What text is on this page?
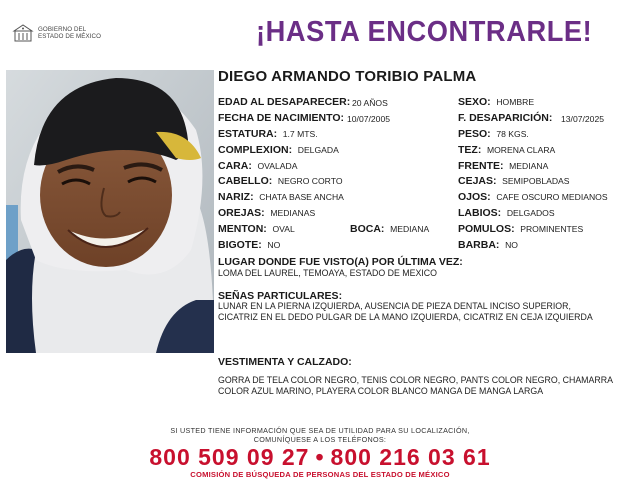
GOBIERNO DEL
ESTADO DE MÉXICO	¡HASTA ENCONTRARLE!
DIEGO ARMANDO TORIBIO PALMA
EDAD AL DESAPARECER: 20 AÑOS
FECHA DE NACIMIENTO: 10/07/2005
ESTATURA: 1.7 MTS.
COMPLEXION: DELGADA
CARA: OVALADA
CABELLO: NEGRO CORTO
NARIZ: CHATA BASE ANCHA
OREJAS: MEDIANAS
MENTON: OVAL
BIGOTE: NO
BOCA: MEDIANA
SEXO: HOMBRE
F. DESAPARICIÓN: 13/07/2025
PESO: 78 KGS.
TEZ: MORENA CLARA
FRENTE: MEDIANA
CEJAS: SEMIPOBLADAS
OJOS: CAFE OSCURO MEDIANOS
LABIOS: DELGADOS
POMULOS: PROMINENTES
BARBA: NO
LUGAR DONDE FUE VISTO(A) POR ÚLTIMA VEZ:
LOMA DEL LAUREL, TEMOAYA, ESTADO DE MEXICO
SEÑAS PARTICULARES:
LUNAR EN LA PIERNA IZQUIERDA, AUSENCIA DE PIEZA DENTAL INCISO SUPERIOR, CICATRIZ EN EL DEDO PULGAR DE LA MANO IZQUIERDA, CICATRIZ EN CEJA IZQUIERDA
VESTIMENTA Y CALZADO:
GORRA DE TELA COLOR NEGRO, TENIS COLOR NEGRO, PANTS COLOR NEGRO, CHAMARRA COLOR AZUL MARINO, PLAYERA COLOR BLANCO MANGA DE MANGA LARGA
SI USTED TIENE INFORMACIÓN QUE SEA DE UTILIDAD PARA SU LOCALIZACIÓN,
COMUNÍQUESE A LOS TELÉFONOS:
800 509 09 27 • 800 216 03 61
COMISIÓN DE BÚSQUEDA DE PERSONAS DEL ESTADO DE MÉXICO
